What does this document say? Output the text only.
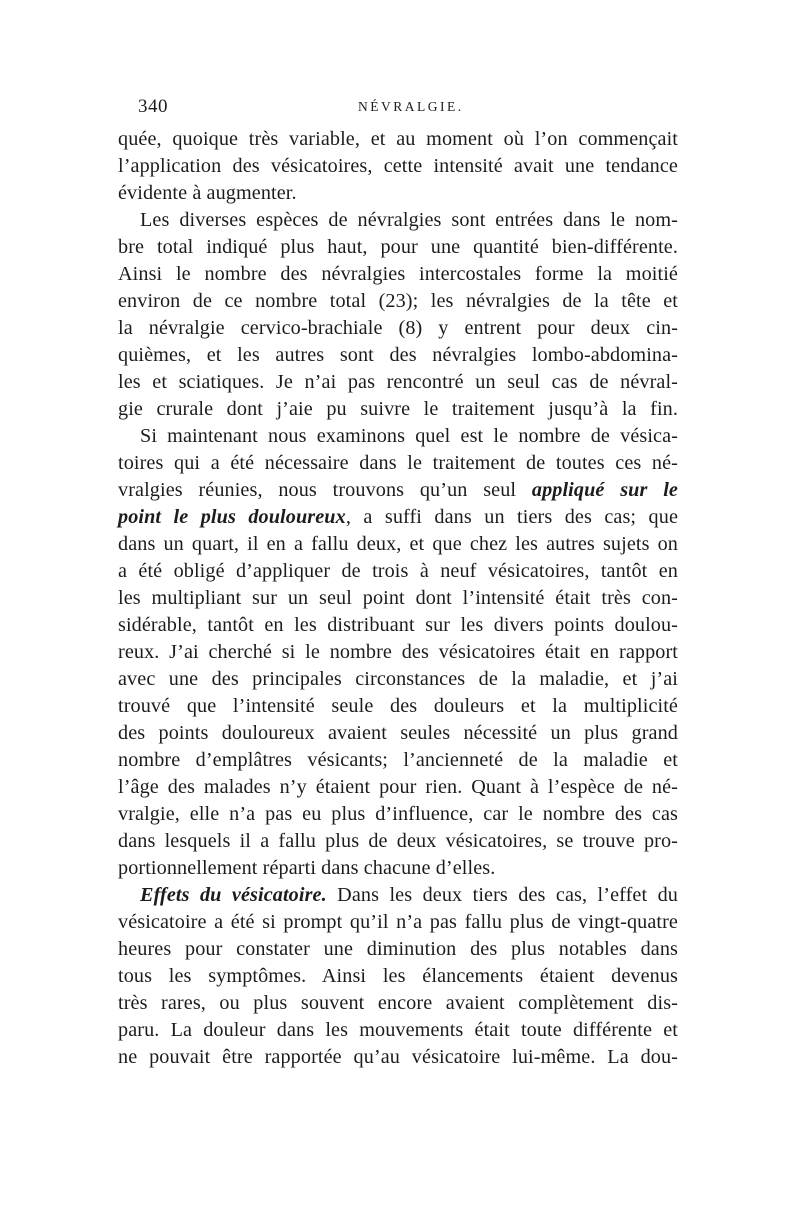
340	NÉVRALGIE.
quée, quoique très variable, et au moment où l’on commençait
l’application des vésicatoires, cette intensité avait une tendance
évidente à augmenter.
Les diverses espèces de névralgies sont entrées dans le nom-
bre total indiqué plus haut, pour une quantité bien-différente.
Ainsi le nombre des névralgies intercostales forme la moitié
environ de ce nombre total (23); les névralgies de la tête et
la névralgie cervico-brachiale (8) y entrent pour deux cin-
quièmes, et les autres sont des névralgies lombo-abdomina-
les et sciatiques. Je n’ai pas rencontré un seul cas de névral-
gie crurale dont j’aie pu suivre le traitement jusqu’à la fin.
Si maintenant nous examinons quel est le nombre de vésica-
toires qui a été nécessaire dans le traitement de toutes ces né-
vralgies réunies, nous trouvons qu’un seul appliqué sur le
point le plus douloureux, a suffi dans un tiers des cas; que
dans un quart, il en a fallu deux, et que chez les autres sujets on
a été obligé d’appliquer de trois à neuf vésicatoires, tantôt en
les multipliant sur un seul point dont l’intensité était très con-
sidérable, tantôt en les distribuant sur les divers points doulou-
reux. J’ai cherché si le nombre des vésicatoires était en rapport
avec une des principales circonstances de la maladie, et j’ai
trouvé que l’intensité seule des douleurs et la multiplicité
des points douloureux avaient seules nécessité un plus grand
nombre d’emplâtres vésicants; l’ancienneté de la maladie et
l’âge des malades n’y étaient pour rien. Quant à l’espèce de né-
vralgie, elle n’a pas eu plus d’influence, car le nombre des cas
dans lesquels il a fallu plus de deux vésicatoires, se trouve pro-
portionnellement réparti dans chacune d’elles.
Effets du vésicatoire. Dans les deux tiers des cas, l’effet du
vésicatoire a été si prompt qu’il n’a pas fallu plus de vingt-quatre
heures pour constater une diminution des plus notables dans
tous les symptômes. Ainsi les élancements étaient devenus
très rares, ou plus souvent encore avaient complètement dis-
paru. La douleur dans les mouvements était toute différente et
ne pouvait être rapportée qu’au vésicatoire lui-même. La dou-
